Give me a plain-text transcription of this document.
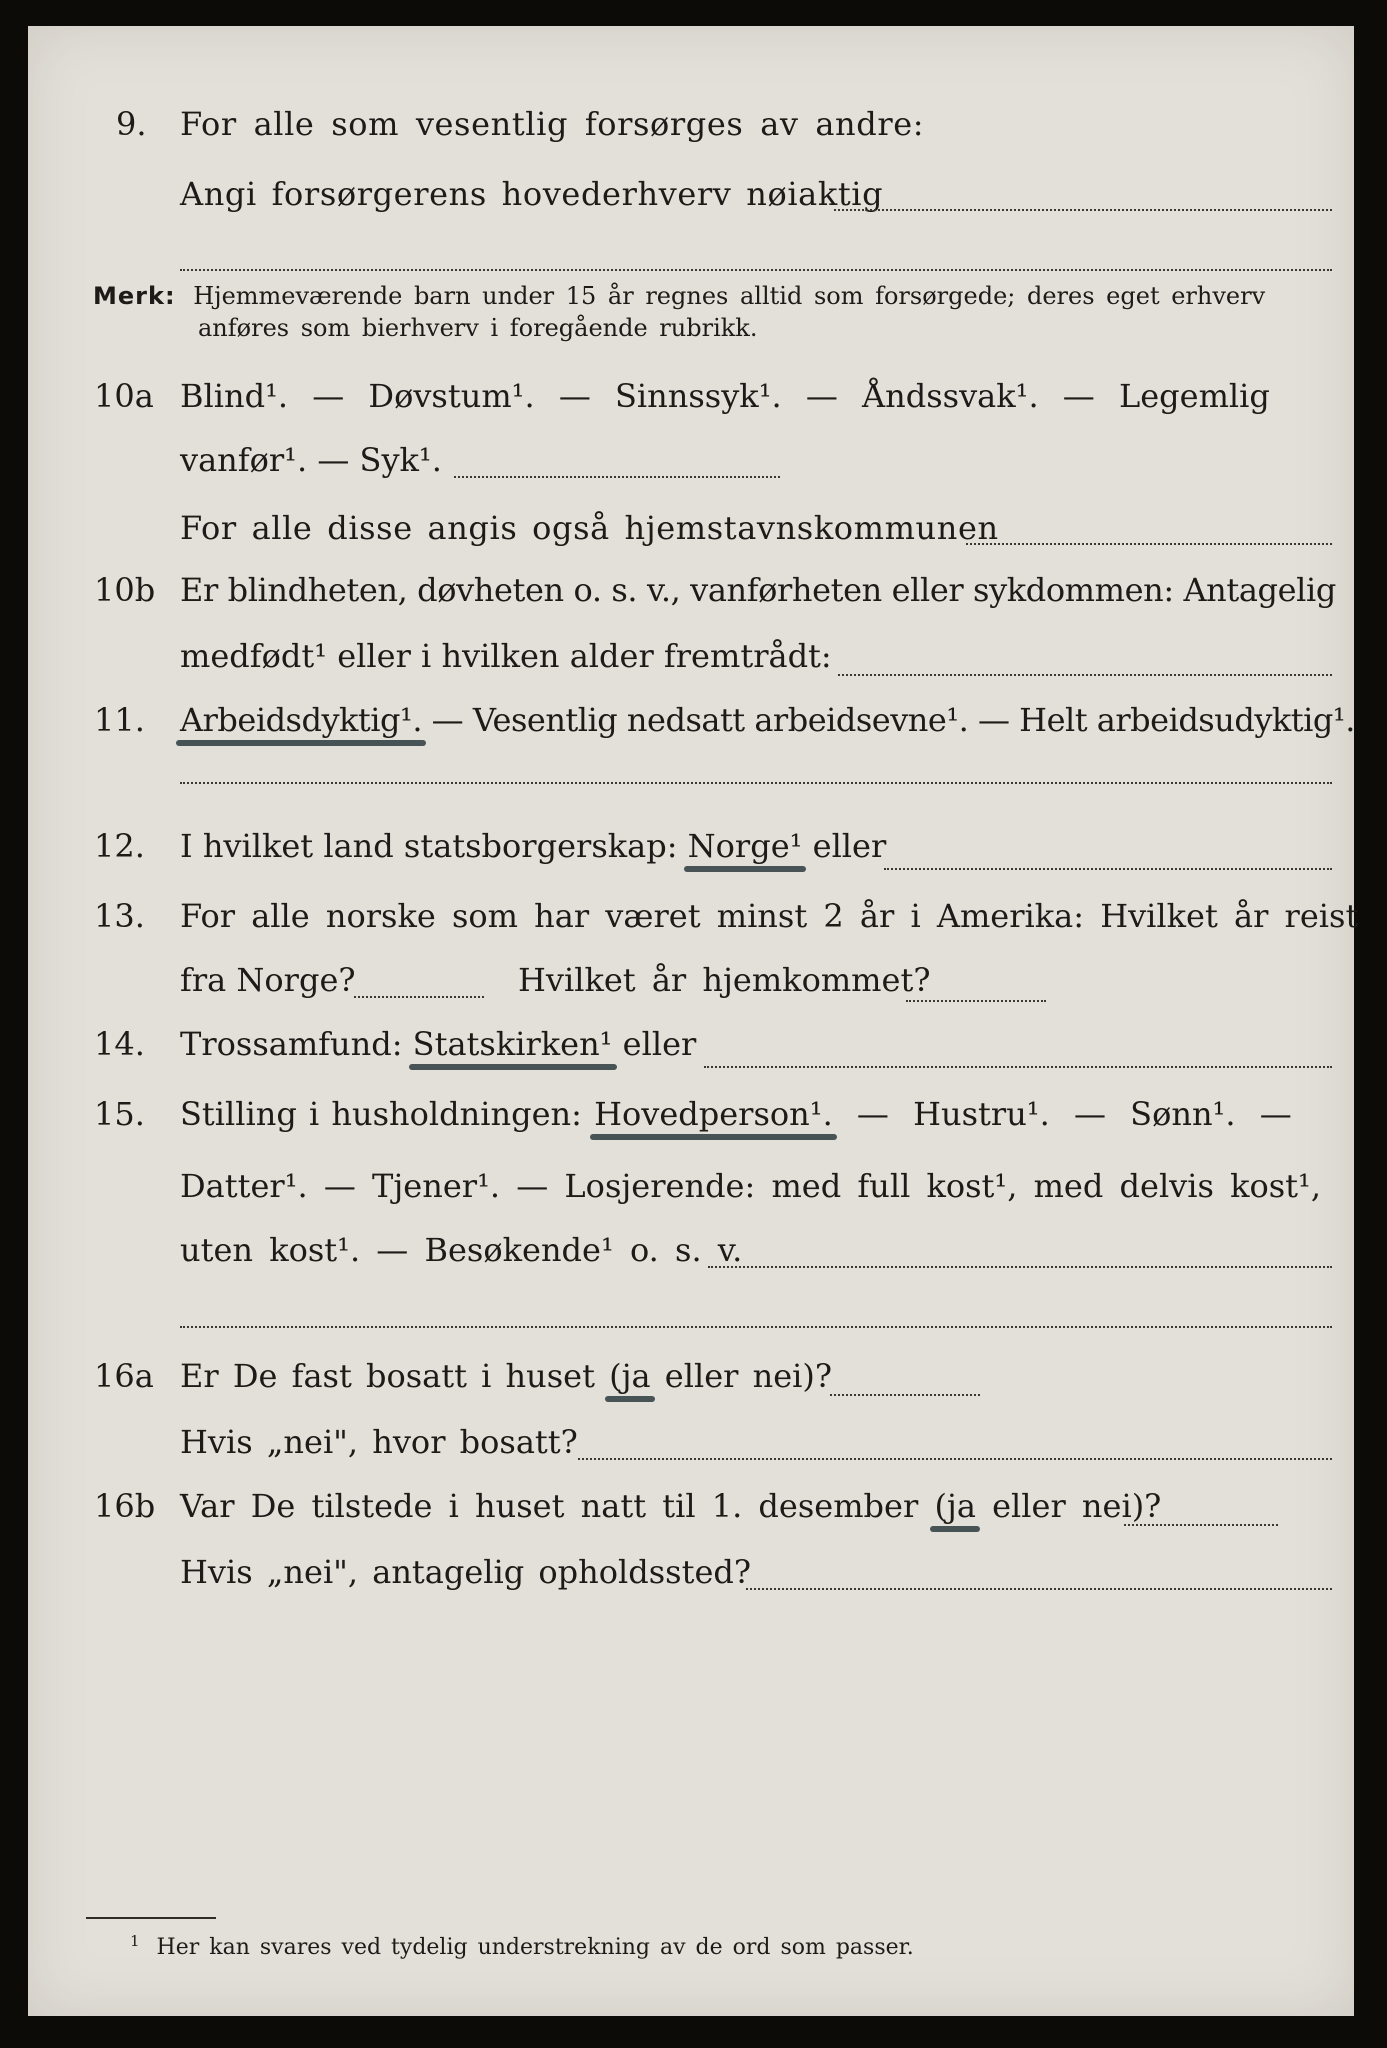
9. For alle som vesentlig forsørges av andre:
Angi forsørgerens hovederhverv nøiaktig
Merk: Hjemmeværende barn under 15 år regnes alltid som forsørgede; deres eget erhverv
anføres som bierhverv i foregående rubrikk.
10a Blind¹. — Døvstum¹. — Sinnssyk¹. — Åndssvak¹. — Legemlig
vanfør¹. — Syk¹.
For alle disse angis også hjemstavnskommunen
10b Er blindheten, døvheten o. s. v., vanførheten eller sykdommen: Antagelig
medfødt¹ eller i hvilken alder fremtrådt:
11. Arbeidsdyktig¹.
— Vesentlig nedsatt arbeidsevne¹. — Helt arbeidsudyktig¹.
12. I hvilket land statsborgerskap: Norge¹
eller
13. For alle norske som har været minst 2 år i Amerika: Hvilket år reist
fra Norge?	Hvilket år hjemkommet?
14. Trossamfund: Statskirken¹
eller
15. Stilling i husholdningen: Hovedperson¹.
— Hustru¹. — Sønn¹. —
Datter¹. — Tjener¹. — Losjerende: med full kost¹, med delvis kost¹,
uten kost¹. — Besøkende¹ o. s. v.
16a Er De fast bosatt i huset (ja
eller nei)?
Hvis „nei", hvor bosatt?
16b Var De tilstede i huset natt til 1. desember (ja
eller nei)?
Hvis „nei", antagelig opholdssted?
$^1$ Her kan svares ved tydelig understrekning av de ord som passer.
